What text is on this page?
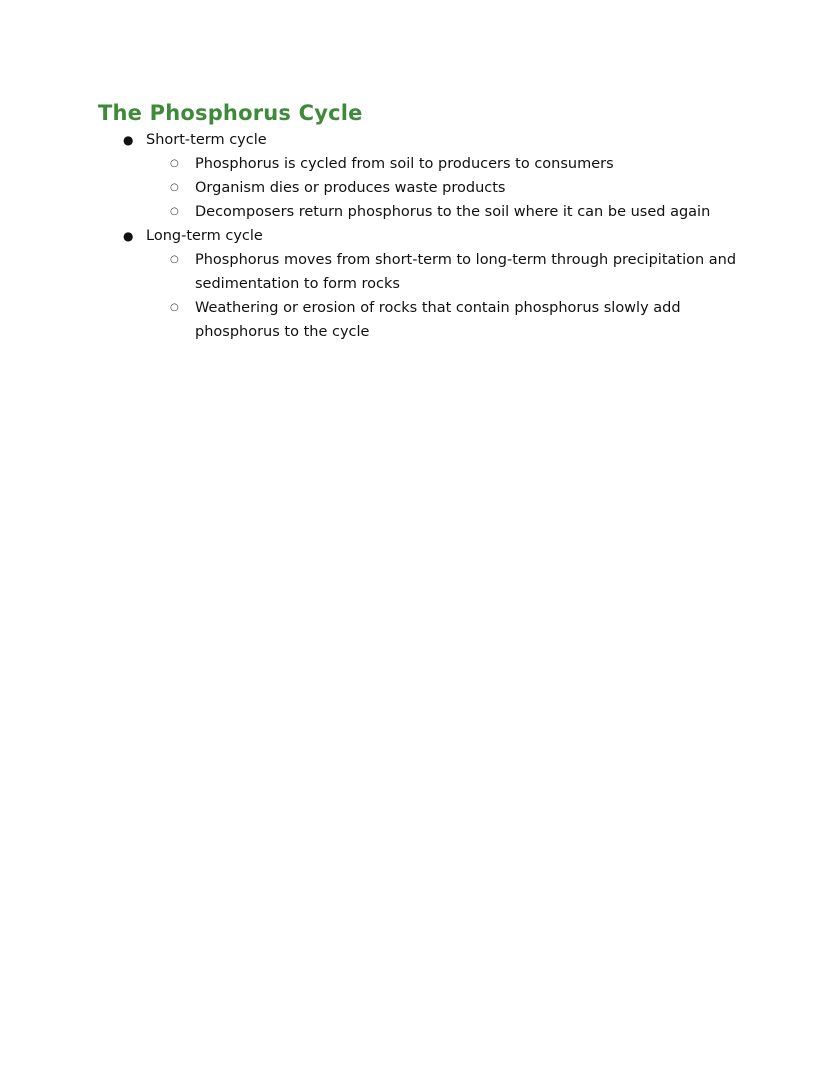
The Phosphorus Cycle
● Short-term cycle
○ Phosphorus is cycled from soil to producers to consumers
○ Organism dies or produces waste products
○ Decomposers return phosphorus to the soil where it can be used again
● Long-term cycle
○ Phosphorus moves from short-term to long-term through precipitation and sedimentation to form rocks
○ Weathering or erosion of rocks that contain phosphorus slowly add phosphorus to the cycle
